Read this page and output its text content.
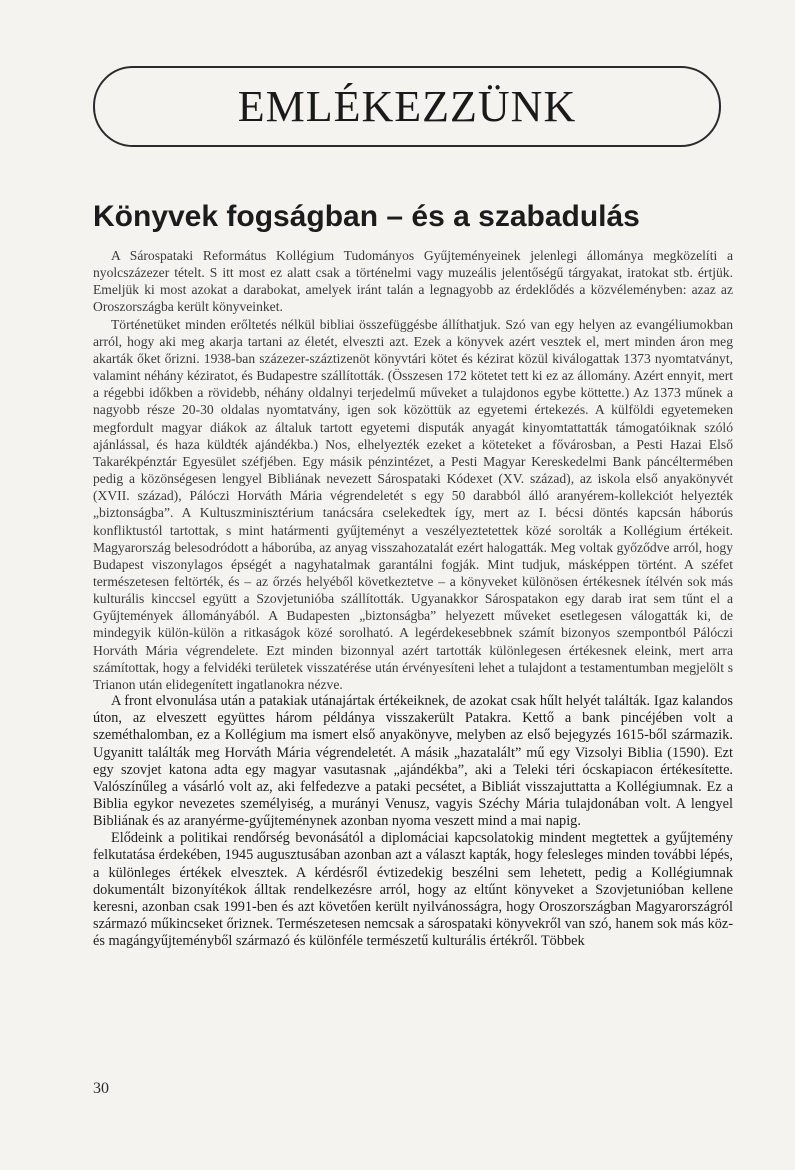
EMLÉKEZZÜNK
Könyvek fogságban – és a szabadulás

A Sárospataki Református Kollégium Tudományos Gyűjteményeinek jelenlegi állománya megközelíti a nyolcszázezer tételt. S itt most ez alatt csak a történelmi vagy muzeális jelentőségű tárgyakat, iratokat stb. értjük. Emeljük ki most azokat a darabokat, amelyek iránt talán a legnagyobb az érdeklődés a közvéleményben: azaz az Oroszországba került könyveinket.

Történetüket minden erőltetés nélkül bibliai összefüggésbe állíthatjuk. Szó van egy helyen az evangéliumokban arról, hogy aki meg akarja tartani az életét, elveszti azt. Ezek a könyvek azért vesztek el, mert minden áron meg akarták őket őrizni. 1938-ban százezer-száztizenöt könyvtári kötet és kézirat közül kiválogattak 1373 nyomtatványt, valamint néhány kéziratot, és Budapestre szállították. (Összesen 172 kötetet tett ki ez az állomány. Azért ennyit, mert a régebbi időkben a rövidebb, néhány oldalnyi terjedelmű műveket a tulajdonos egybe köttette.) Az 1373 műnek a nagyobb része 20-30 oldalas nyomtatvány, igen sok közöttük az egyetemi értekezés. A külföldi egyetemeken megfordult magyar diákok az általuk tartott egyetemi disputák anyagát kinyomtattatták támogatóiknak szóló ajánlással, és haza küldték ajándékba.) Nos, elhelyezték ezeket a köteteket a fővárosban, a Pesti Hazai Első Takarékpénztár Egyesület széfjében. Egy másik pénzintézet, a Pesti Magyar Kereskedelmi Bank páncéltermében pedig a közönségesen lengyel Bibliának nevezett Sárospataki Kódexet (XV. század), az iskola első anyakönyvét (XVII. század), Pálóczi Horváth Mária végrendeletét s egy 50 darabból álló aranyérem-kollekciót helyezték „biztonságba”. A Kultuszminisztérium tanácsára cselekedtek így, mert az I. bécsi döntés kapcsán háborús konfliktustól tartottak, s mint határmenti gyűjteményt a veszélyeztetettek közé sorolták a Kollégium értékeit. Magyarország belesodródott a háborúba, az anyag visszahozatalát ezért halogatták. Meg voltak győződve arról, hogy Budapest viszonylagos épségét a nagyhatalmak garantálni fogják. Mint tudjuk, másképpen történt. A széfet természetesen feltörték, és – az őrzés helyéből következtetve – a könyveket különösen értékesnek ítélvén sok más kulturális kinccsel együtt a Szovjetunióba szállították. Ugyanakkor Sárospatakon egy darab irat sem tűnt el a Gyűjtemények állományából. A Budapesten „biztonságba” helyezett műveket esetlegesen válogatták ki, de mindegyik külön-külön a ritkaságok közé sorolható. A legérdekesebbnek számít bizonyos szempontból Pálóczi Horváth Mária végrendelete. Ezt minden bizonnyal azért tartották különlegesen értékesnek eleink, mert arra számítottak, hogy a felvidéki területek visszatérése után érvényesíteni lehet a tulajdont a testamentumban megjelölt s Trianon után elidegenített ingatlanokra nézve.

A front elvonulása után a patakiak utánajártak értékeiknek, de azokat csak hűlt helyét találták. Igaz kalandos úton, az elveszett együttes három példánya visszakerült Patakra. Kettő a bank pincéjében volt a szeméthalomban, ez a Kollégium ma ismert első anyakönyve, melyben az első bejegyzés 1615-ből származik. Ugyanitt találták meg Horváth Mária végrendeletét. A másik „hazatalált” mű egy Vizsolyi Biblia (1590). Ezt egy szovjet katona adta egy magyar vasutasnak „ajándékba”, aki a Teleki téri ócskapiacon értékesítette. Valószínűleg a vásárló volt az, aki felfedezve a pataki pecsétet, a Bibliát visszajuttatta a Kollégiumnak. Ez a Biblia egykor nevezetes személyiség, a murányi Venusz, vagyis Széchy Mária tulajdonában volt. A lengyel Bibliának és az aranyérme-gyűjteménynek azonban nyoma veszett mind a mai napig.

Elődeink a politikai rendőrség bevonásától a diplomáciai kapcsolatokig mindent megtettek a gyűjtemény felkutatása érdekében, 1945 augusztusában azonban azt a választ kapták, hogy felesleges minden további lépés, a különleges értékek elvesztek. A kérdésről évtizedekig beszélni sem lehetett, pedig a Kollégiumnak dokumentált bizonyítékok álltak rendelkezésre arról, hogy az eltűnt könyveket a Szovjetunióban kellene keresni, azonban csak 1991-ben és azt követően került nyilvánosságra, hogy Oroszországban Magyarországról származó műkincseket őriznek. Természetesen nemcsak a sárospataki könyvekről van szó, hanem sok más köz- és magángyűjteményből származó és különféle természetű kulturális értékről. Többek

30
